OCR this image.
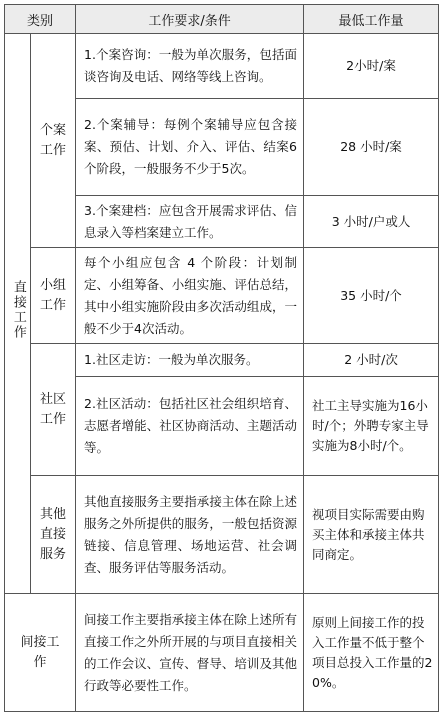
类别		工作要求/条件	最低工作量
直接工作	个案工作	1.个案咨询：一般为单次服务，包括面谈咨询及电话、网络等线上咨询。	2小时/案
		2.个案辅导：每例个案辅导应包含接案、预估、计划、介入、评估、结案6个阶段，一般服务不少于5次。	28 小时/案
		3.个案建档：应包含开展需求评估、信息录入等档案建立工作。	3 小时/户或人
	小组工作	每个小组应包含 4 个阶段：计划制定、小组筹备、小组实施、评估总结，其中小组实施阶段由多次活动组成，一般不少于4次活动。	35 小时/个
	社区工作	1.社区走访：一般为单次服务。	2 小时/次
		2.社区活动：包括社区社会组织培育、志愿者增能、社区协商活动、主题活动等。	社工主导实施为16小时/个；外聘专家主导实施为8小时/个。
	其他直接服务	其他直接服务主要指承接主体在除上述服务之外所提供的服务，一般包括资源链接、信息管理、场地运营、社会调查、服务评估等服务活动。	视项目实际需要由购买主体和承接主体共同商定。

间接工作		间接工作主要指承接主体在除上述所有直接工作之外所开展的与项目直接相关的工作会议、宣传、督导、培训及其他行政等必要性工作。	原则上间接工作的投入工作量不低于整个项目总投入工作量的20%。
